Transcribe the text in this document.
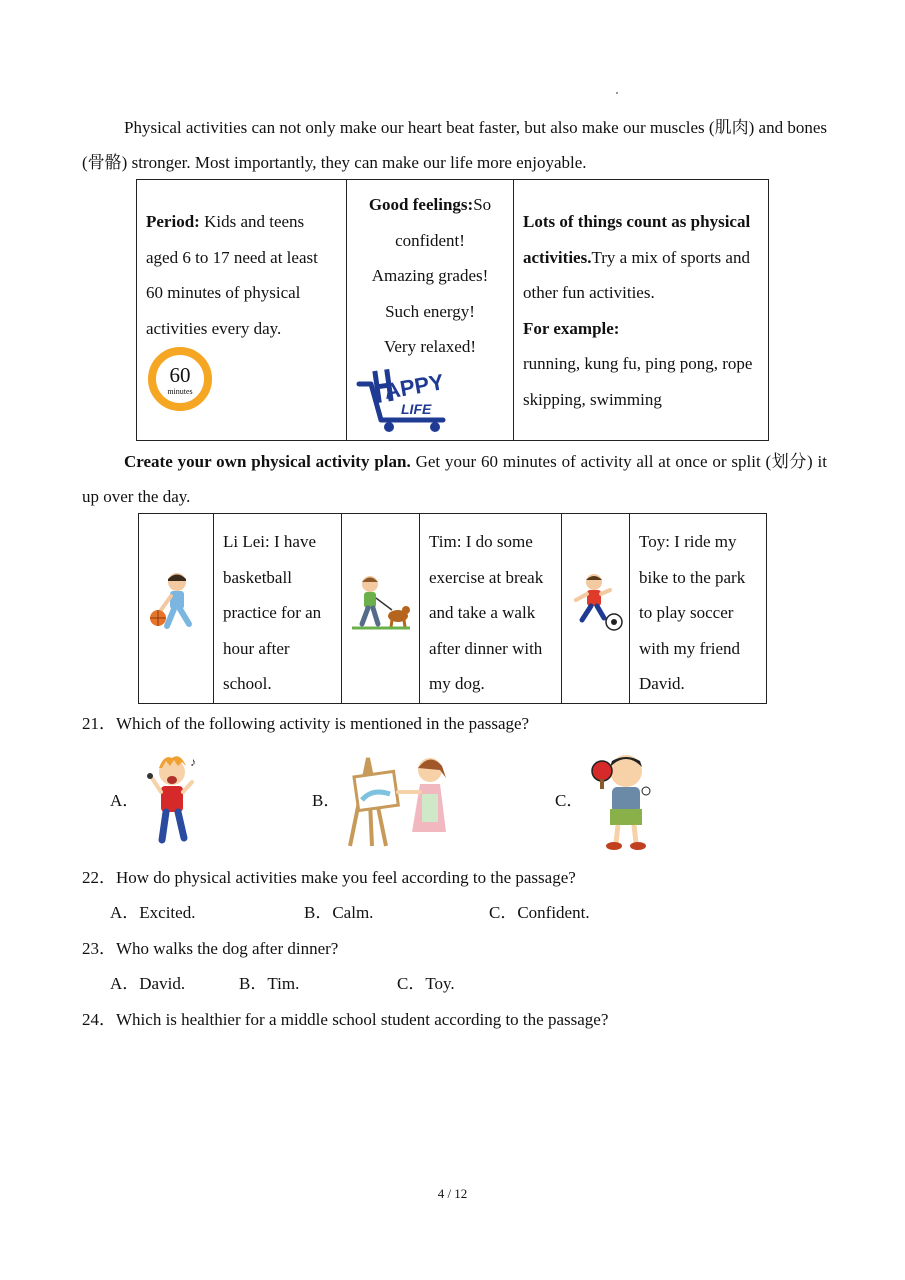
Physical activities can not only make our heart beat faster, but also make our muscles (肌肉) and bones (骨骼) stronger. Most importantly, they can make our life more enjoyable.

Period: Kids and teens aged 6 to 17 need at least 60 minutes of physical activities every day.
60
minutes
Good feelings:So confident!
Amazing grades!
Such energy!
Very relaxed!
APPY
LIFE
Lots of things count as physical activities.Try a mix of sports and other fun activities.
For example:
running, kung fu, ping pong, rope skipping, swimming

Create your own physical activity plan. Get your 60 minutes of activity all at once or split (划分) it up over the day.

Li Lei: I have basketball practice for an hour after school.
Tim: I do some exercise at break and take a walk after dinner with my dog.
Toy: I ride my bike to the park to play soccer with my friend David.
21．Which of the following activity is mentioned in the passage?
A．
♪
B．	C．
22．How do physical activities make you feel according to the passage?
A．Excited.	B．Calm.	C．Confident.
23．Who walks the dog after dinner?
A．David.	B．Tim.	C．Toy.
24．Which is healthier for a middle school student according to the passage?
4 / 12
